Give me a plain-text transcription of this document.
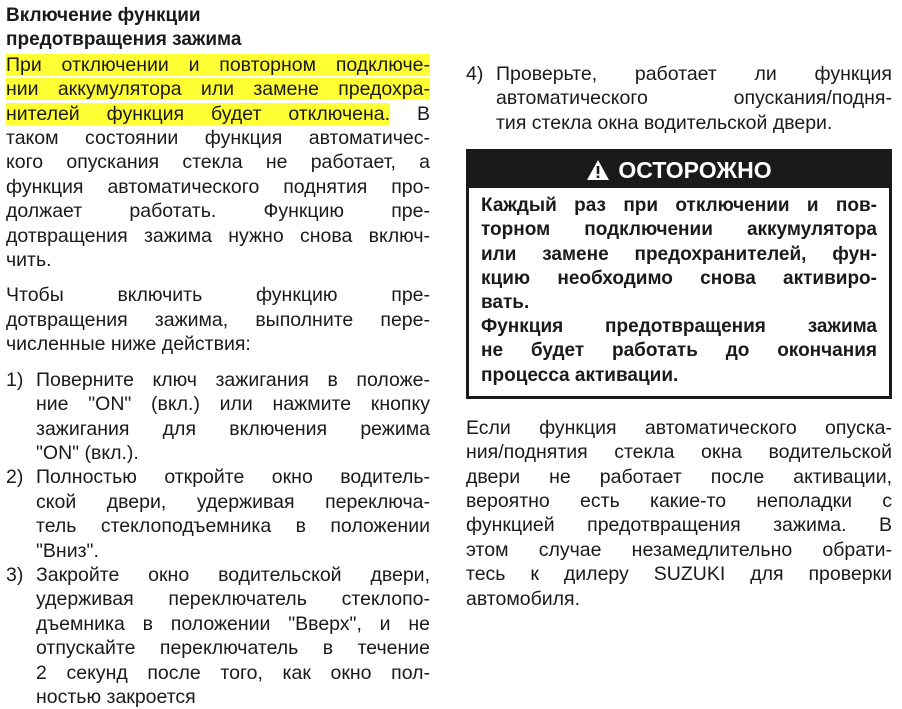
Включение функции
предотвращения зажима

При отключении и повторном подключе-
нии аккумулятора или замене предохра-
нителей функция будет отключена. В
таком состоянии функция автоматичес-
кого опускания стекла не работает, а
функция автоматического поднятия про-
должает работать. Функцию пре-
дотвращения зажима нужно снова включ-
чить.

Чтобы включить функцию пре-
дотвращения зажима, выполните пере-
численные ниже действия:

1) Поверните ключ зажигания в положе-
ние "ON" (вкл.) или нажмите кнопку
зажигания для включения режима
"ON" (вкл.).
2) Полностью откройте окно водитель-
ской двери, удерживая переключа-
тель стеклоподъемника в положении
"Вниз".
3) Закройте окно водительской двери,
удерживая переключатель стеклопо-
дъемника в положении "Вверх", и не
отпускайте переключатель в течение
2 секунд после того, как окно пол-
ностью закроется
4) Проверьте, работает ли функция
автоматического опускания/подня-
тия стекла окна водительской двери.
ОСТОРОЖНО
Каждый раз при отключении и пов-
торном подключении аккумулятора
или замене предохранителей, фун-
кцию необходимо снова активиро-
вать.
Функция предотвращения зажима
не будет работать до окончания
процесса активации.

Если функция автоматического опуска-
ния/поднятия стекла окна водительской
двери не работает после активации,
вероятно есть какие-то неполадки с
функцией предотвращения зажима. В
этом случае незамедлительно обрати-
тесь к дилеру SUZUKI для проверки
автомобиля.
